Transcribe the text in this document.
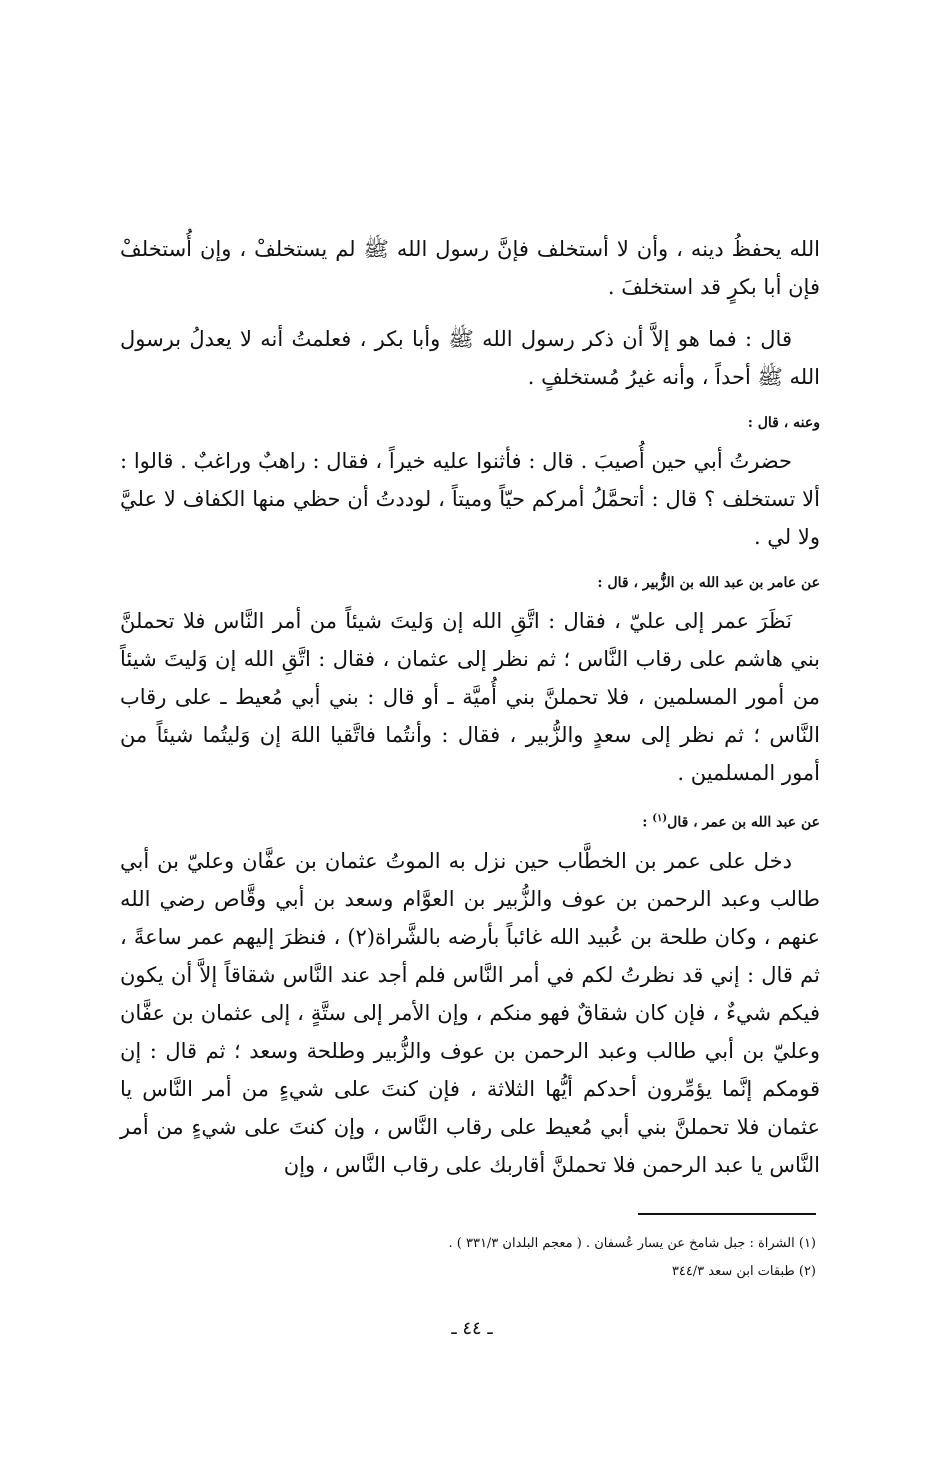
الله يحفظُ دينه ، وأن لا أستخلف فإنَّ رسول الله ﷺ لم يستخلفْ ، وإن أُستخلفْ فإن أبا بكرٍ قد استخلفَ .

قال : فما هو إلاَّ أن ذكر رسول الله ﷺ وأبا بكر ، فعلمتُ أنه لا يعدلُ برسول الله ﷺ أحداً ، وأنه غيرُ مُستخلفٍ .

وعنه ، قال :

حضرتُ أبي حين أُصيبَ . قال : فأثنوا عليه خيراً ، فقال : راهبٌ وراغبٌ . قالوا : ألا تستخلف ؟ قال : أتحمَّلُ أمركم حيّاً وميتاً ، لوددتُ أن حظي منها الكفاف لا عليَّ ولا لي .

عن عامر بن عبد الله بن الزُّبير ، قال :

نَظَرَ عمر إلى عليّ ، فقال : اتَّقِ الله إن وَليتَ شيئاً من أمر النَّاس فلا تحملنَّ بني هاشم على رقاب النَّاس ؛ ثم نظر إلى عثمان ، فقال : اتَّقِ الله إن وَليتَ شيئاً من أمور المسلمين ، فلا تحملنَّ بني أُميَّة ـ أو قال : بني أبي مُعيط ـ على رقاب النَّاس ؛ ثم نظر إلى سعدٍ والزُّبير ، فقال : وأنتُما فاتَّقيا اللهَ إن وَليتُما شيئاً من أمور المسلمين .

عن عبد الله بن عمر ، قال$^{(١)}$ :

دخل على عمر بن الخطَّاب حين نزل به الموتُ عثمان بن عفَّان وعليّ بن أبي طالب وعبد الرحمن بن عوف والزُّبير بن العوَّام وسعد بن أبي وقَّاص رضي الله عنهم ، وكان طلحة بن عُبيد الله غائباً بأرضه بالشَّراة(٢) ، فنظرَ إليهم عمر ساعةً ، ثم قال : إني قد نظرتُ لكم في أمر النَّاس فلم أجد عند النَّاس شقاقاً إلاَّ أن يكون فيكم شيءٌ ، فإن كان شقاقٌ فهو منكم ، وإن الأمر إلى ستَّةٍ ، إلى عثمان بن عفَّان وعليّ بن أبي طالب وعبد الرحمن بن عوف والزُّبير وطلحة وسعد ؛ ثم قال : إن قومكم إنَّما يؤمِّرون أحدكم أيُّها الثلاثة ، فإن كنتَ على شيءٍ من أمر النَّاس يا عثمان فلا تحملنَّ بني أبي مُعيط على رقاب النَّاس ، وإن كنتَ على شيءٍ من أمر النَّاس يا عبد الرحمن فلا تحملنَّ أقاربك على رقاب النَّاس ، وإن

(١) الشراة : جبل شامخ عن يسار عُسفان . ( معجم البلدان ٣٣١/٣ ) .

(٢) طبقات ابن سعد ٣٤٤/٣

ـ ٤٤ ـ
